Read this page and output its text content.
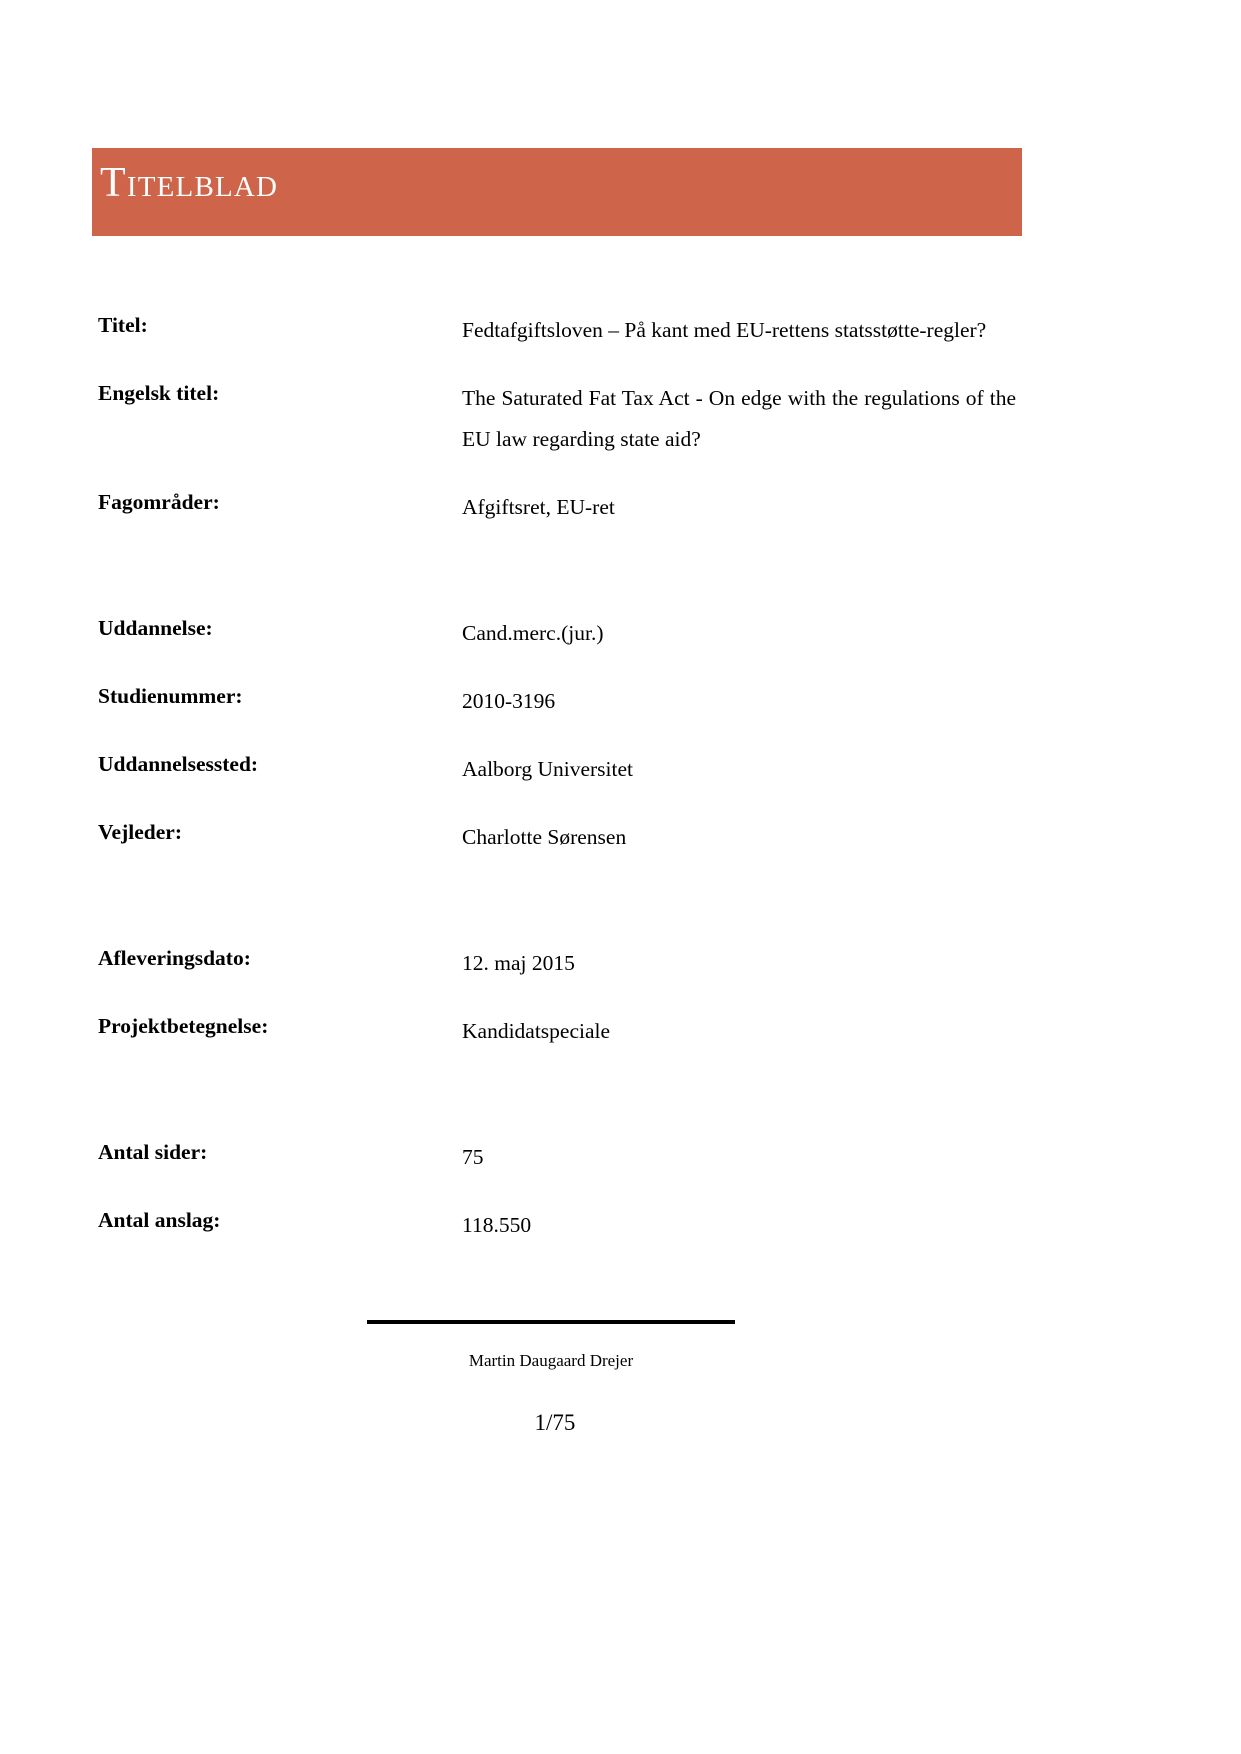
Titelblad
Titel:	Fedtafgiftsloven – På kant med EU-rettens statsstøtte-regler?
Engelsk titel:	The Saturated Fat Tax Act - On edge with the regulations of the EU law regarding state aid?
Fagområder:	Afgiftsret, EU-ret
Uddannelse:	Cand.merc.(jur.)
Studienummer:	2010-3196
Uddannelsessted:	Aalborg Universitet
Vejleder:	Charlotte Sørensen
Afleveringsdato:	12. maj 2015
Projektbetegnelse:	Kandidatspeciale
Antal sider:	75
Antal anslag:	118.550
Martin Daugaard Drejer
1/75
